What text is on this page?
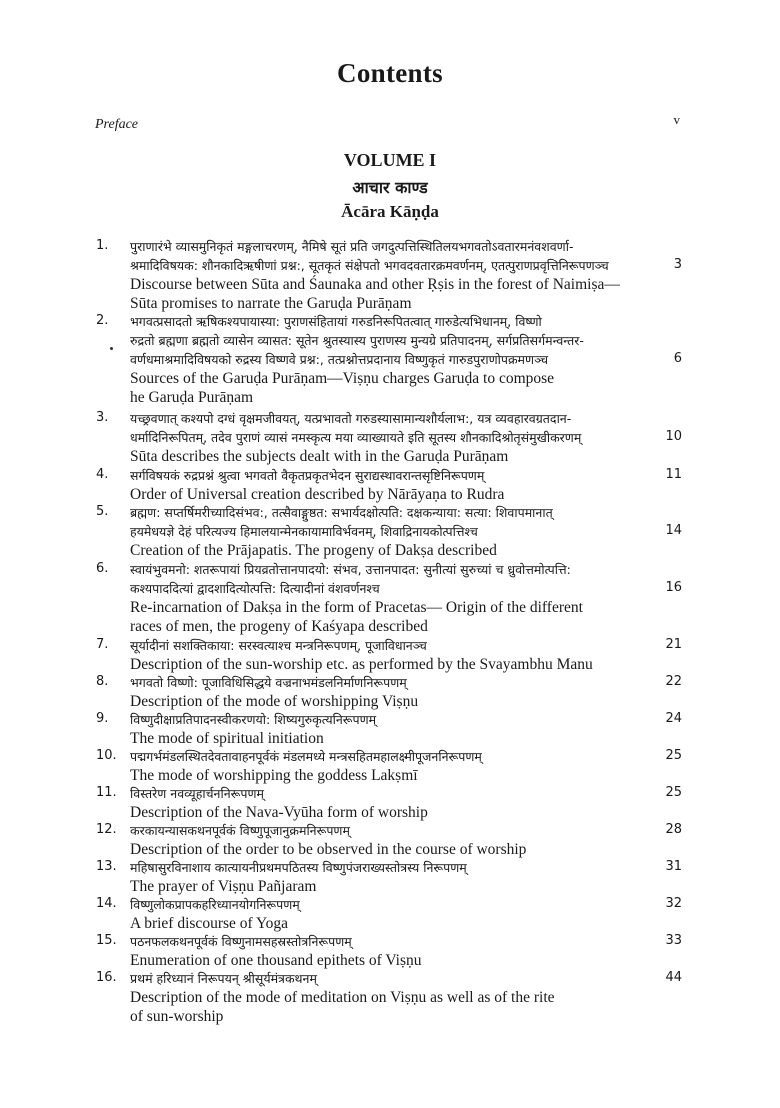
Contents
Preface	v
VOLUME I
आचार काण्ड
Ācāra Kāṇḍa
1. पुराणारंभे व्यासमुनिकृतं मङ्गलाचरणम्, नैमिषे सूतं प्रति जगदुत्पत्तिस्थितिलयभगवतोऽवतारमनंवशवर्णा-
श्रमादिविषयक: शौनकादिऋषीणां प्रश्न:, सूतकृतं संक्षेपतो भगवदवतारक्रमवर्णनम्, एतत्पुराणप्रवृत्तिनिरूपणञ्च
Discourse between Sūta and Śaunaka and other Ṛṣis in the forest of Naimiṣa—
Sūta promises to narrate the Garuḍa Purāṇam
3
2. भगवत्प्रसादतो ऋषिकश्यपायास्या: पुराणसंहितायां गरुडनिरूपितत्वात् गारुडेत्यभिधानम्, विष्णो
रुद्रतो ब्रह्मणा ब्रह्मतो व्यासेन व्यासत: सूतेन श्रुतस्यास्य पुराणस्य मुन्यग्रे प्रतिपादनम्, सर्गप्रतिसर्गमन्वन्तर-
वर्णधमाश्रमादिविषयको रुद्रस्य विष्णवे प्रश्न:, तत्प्रश्नोत्तप्रदानाय विष्णुकृतं गारुडपुराणोपक्रमणञ्च
Sources of the Garuḍa Purāṇam—Viṣṇu charges Garuḍa to compose
he Garuḍa Purāṇam
6
3. यच्छ्रवणात् कश्यपो दग्धं वृक्षमजीवयत्, यत्प्रभावतो गरुडस्यासामान्यशौर्यलाभ:, यत्र व्यवहारवग्रतदान-
धर्मादिनिरूपितम्, तदेव पुराणं व्यासं नमस्कृत्य मया व्याख्यायते इति सूतस्य शौनकादिश्रोतृसंमुखीकरणम्
Sūta describes the subjects dealt with in the Garuḍa Purāṇam
10
4. सर्गविषयकं रुद्रप्रश्नं श्रुत्वा भगवतो वैकृतप्रकृतभेदन सुराद्यस्थावरान्तसृष्टिनिरूपणम्
Order of Universal creation described by Nārāyaṇa to Rudra
11
5. ब्रह्मण: सप्तर्षिमरीच्यादिसंभव:, तत्सैवाङ्गुष्ठत: सभार्यदक्षोत्पति: दक्षकन्याया: सत्या: शिवापमानात्
हयमेधयज्ञे देहं परित्यज्य हिमालयान्मेनकायामाविर्भवनम्, शिवाद्रिनायकोत्पत्तिश्च
Creation of the Prājapatis. The progeny of Dakṣa described
14
6. स्वायंभुवमनो: शतरूपायां प्रियव्रतोत्तानपादयो: संभव, उत्तानपादत: सुनीत्यां सुरुच्यां च ध्रुवोत्तमोत्पत्ति:
कश्यपाददित्यां द्वादशादित्योत्पत्ति: दित्यादीनां वंशवर्णनश्च
Re-incarnation of Dakṣa in the form of Pracetas— Origin of the different
races of men, the progeny of Kaśyapa described
16
7. सूर्यादीनां सशक्तिकाया: सरस्वत्याश्च मन्त्रनिरूपणम्, पूजाविधानञ्च
Description of the sun-worship etc. as performed by the Svayambhu Manu
21
8. भगवतो विष्णो: पूजाविधिसिद्धये वज्रनाभमंडलनिर्माणनिरूपणम्
Description of the mode of worshipping Viṣṇu
22
9. विष्णुदीक्षाप्रतिपादनस्वीकरणयो: शिष्यगुरुकृत्यनिरूपणम्
The mode of spiritual initiation
24
10. पद्मगर्भमंडलस्थितदेवतावाहनपूर्वकं मंडलमध्ये मन्त्रसहितमहालक्ष्मीपूजननिरूपणम्
The mode of worshipping the goddess Lakṣmī
25
11. विस्तरेण नवव्यूहार्चननिरूपणम्
Description of the Nava-Vyūha form of worship
25
12. करकायन्यासकथनपूर्वकं विष्णुपूजानुक्रमनिरूपणम्
Description of the order to be observed in the course of worship
28
13. महिषासुरविनाशाय कात्यायनीप्रथमपठितस्य विष्णुपंजराख्यस्तोत्रस्य निरूपणम्
The prayer of Viṣṇu Pañjaram
31
14. विष्णुलोकप्रापकहरिध्यानयोगनिरूपणम्
A brief discourse of Yoga
32
15. पठनफलकथनपूर्वकं विष्णुनामसहस्रस्तोत्रनिरूपणम्
Enumeration of one thousand epithets of Viṣṇu
33
16. प्रथमं हरिध्यानं निरूपयन् श्रीसूर्यमंत्रकथनम्
Description of the mode of meditation on Viṣṇu as well as of the rite
of sun-worship
44
